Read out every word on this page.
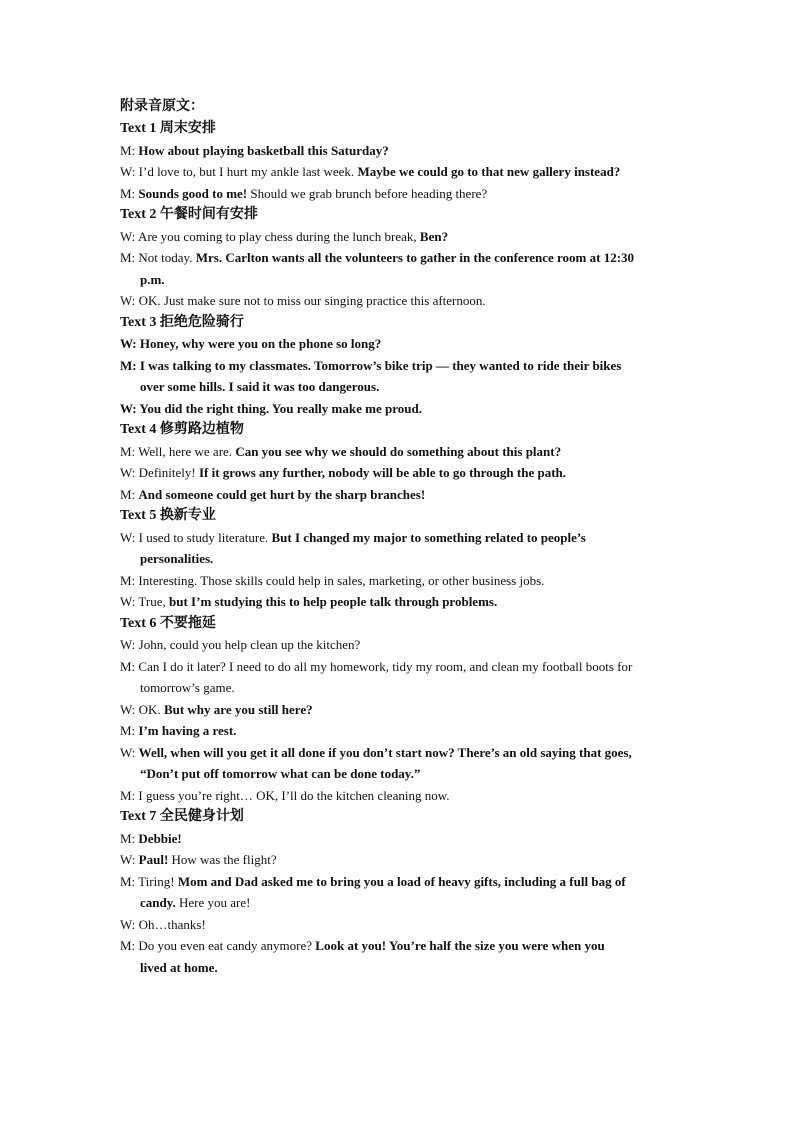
附录音原文：
Text 1 周末安排
M: How about playing basketball this Saturday?
W: I’d love to, but I hurt my ankle last week. Maybe we could go to that new gallery instead?
M: Sounds good to me! Should we grab brunch before heading there?
Text 2 午餐时间有安排
W: Are you coming to play chess during the lunch break, Ben?
M: Not today. Mrs. Carlton wants all the volunteers to gather in the conference room at 12:30
p.m.
W: OK. Just make sure not to miss our singing practice this afternoon.
Text 3 拒绝危险骑行
W: Honey, why were you on the phone so long?
M: I was talking to my classmates. Tomorrow’s bike trip — they wanted to ride their bikes
over some hills. I said it was too dangerous.
W: You did the right thing. You really make me proud.
Text 4 修剪路边植物
M: Well, here we are. Can you see why we should do something about this plant?
W: Definitely! If it grows any further, nobody will be able to go through the path.
M: And someone could get hurt by the sharp branches!
Text 5 换新专业
W: I used to study literature. But I changed my major to something related to people’s
personalities.
M: Interesting. Those skills could help in sales, marketing, or other business jobs.
W: True, but I’m studying this to help people talk through problems.
Text 6 不要拖延
W: John, could you help clean up the kitchen?
M: Can I do it later? I need to do all my homework, tidy my room, and clean my football boots for
tomorrow’s game.
W: OK. But why are you still here?
M: I’m having a rest.
W: Well, when will you get it all done if you don’t start now? There’s an old saying that goes,
“Don’t put off tomorrow what can be done today.”
M: I guess you’re right… OK, I’ll do the kitchen cleaning now.
Text 7 全民健身计划
M: Debbie!
W: Paul! How was the flight?
M: Tiring! Mom and Dad asked me to bring you a load of heavy gifts, including a full bag of
candy. Here you are!
W: Oh…thanks!
M: Do you even eat candy anymore? Look at you! You’re half the size you were when you
lived at home.
